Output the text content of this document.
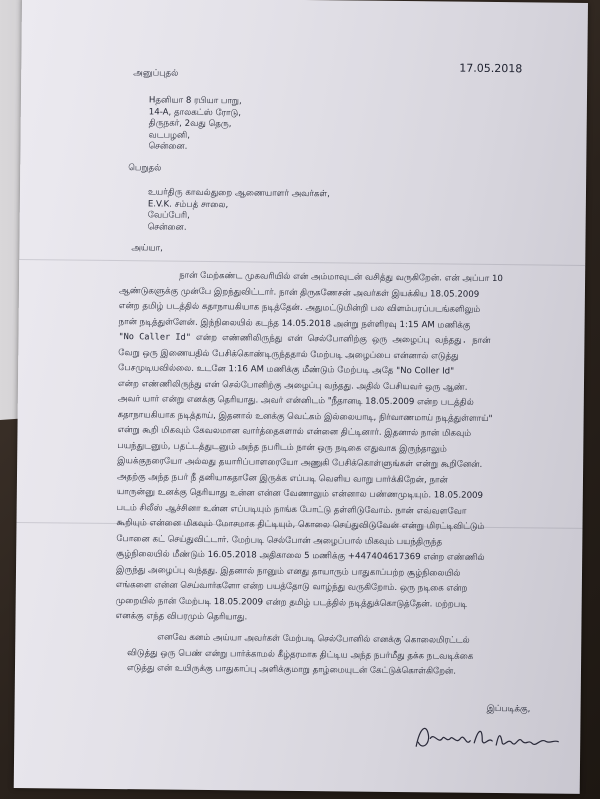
17.05.2018
அனுப்புதல்
Hதனியா 8 ரபியா பாறு,
14-A, தாலகட்ஸ் ரோடு,
திருநகர், 2வது தெரு,
வடபழனி,
சென்னை.
பெறுதல்
உயர்திரு காவல்துறை ஆணையாளர் அவர்கள்,
E.V.K. சம்பத் சாலை,
வேப்பேரி,
சென்னை.
அய்யா,
நான் மேற்கண்ட முகவரியில் என் அம்மாவுடன் வசித்து வருகிறேன். என் அப்பா 10
ஆண்டுகளுக்கு முன்பே இறந்துவிட்டார். நான் திருகணேசன் அவர்கள் இயக்கிய 18.05.2009
என்ற தமிழ் படத்தில் கதாநாயகியாக நடித்தேன். அதுமட்டுமின்றி பல விளம்பரப்படங்களிலும்
நான் நடித்துள்ளேன். இந்நிலையில் கடந்த 14.05.2018 அன்று நள்ளிரவு 1:15 AM மணிக்கு
"No Caller Id" என்ற எண்ணிலிருந்து என் செல்போனிற்கு ஒரு அழைப்பு வந்தது. நான்
வேறு ஒரு இணையதில் பேசிக்கொண்டிருந்ததால் மேற்படி அழைப்பை என்னால் எடுத்து
பேசமுடியவில்லை. உடனே 1:16 AM மணிக்கு மீண்டும் மேற்படி அதே "No Coller Id"
என்ற எண்ணிலிருந்து என் செல்போனிற்கு அழைப்பு வந்தது. அதில் பேசியவர் ஒரு ஆண்.
அவர் யார் என்று எனக்கு தெரியாது. அவர் என்னிடம் "நீதானடி 18.05.2009 என்ற படத்தில்
கதாநாயகியாக நடித்தாய், இதனால் உனக்கு வெட்கம் இல்லையாடி, நிர்வாணமாய் நடித்துள்ளாய்"
என்று கூறி மிகவும் கேவலமான வார்த்தைகளால் என்னை திட்டினார். இதனால் நான் மிகவும்
பயந்துடனும், பதட்டத்துடனும் அந்த நபரிடம் நான் ஒரு நடிகை எதுவாக இருந்தாலும்
இயக்குநரையோ அல்லது தயாரிப்பாளரையோ அணுகி பேசிக்கொள்ளுங்கள் என்று கூறினேன்.
அதற்கு அந்த நபர் நீ தனியாகதானே இருக்க எப்படி வெளிய வாறு பார்க்கிறேன், நான்
யாருன்னு உனக்கு தெரியாது உன்ன என்ன வேணாலும் என்னால பண்ணமுடியும். 18.05.2009
படம் சிலீஸ் ஆச்சினா உன்ன எப்படியும் நாங்க போட்டு தள்ளிடுவோம். நான் எவ்வளவோ
கூறியும் என்னை மிகவும் மோசமாக திட்டியும், கொலை செய்துவிடுவேன் என்று மிரட்டிவிட்டும்
போனை கட் செய்துவிட்டார். மேற்படி செல்போன் அழைப்பால் மிகவும் பயந்திருந்த
சூழ்நிலையில் மீண்டும் 16.05.2018 அதிகாலை 5 மணிக்கு +447404617369 என்ற எண்ணில்
இருந்து அழைப்பு வந்தது. இதனால் நானும் எனது தாயாரும் பாதுகாப்பற்ற சூழ்நிலையில்
எங்களை என்ன செய்வார்களோ என்ற பயத்தோடு வாழ்ந்து வருகிறோம். ஒரு நடிகை என்ற
முறையில் நான் மேற்படி 18.05.2009 என்ற தமிழ் படத்தில் நடித்துக்கொடுத்தேன். மற்றபடி
எனக்கு எந்த விபரமும் தெரியாது.
எனவே கனம் அய்யா அவர்கள் மேற்படி செல்போனில் எனக்கு கொலைமிரட்டல்
விடுத்து ஒரு பெண் என்று பார்க்காமல் கீழ்தரமாக திட்டிய அந்த நபர்மீது தக்க நடவடிக்கை
எடுத்து என் உயிருக்கு பாதுகாப்பு அளிக்குமாறு தாழ்மையுடன் கேட்டுக்கொள்கிறேன்.
இப்படிக்கு,
